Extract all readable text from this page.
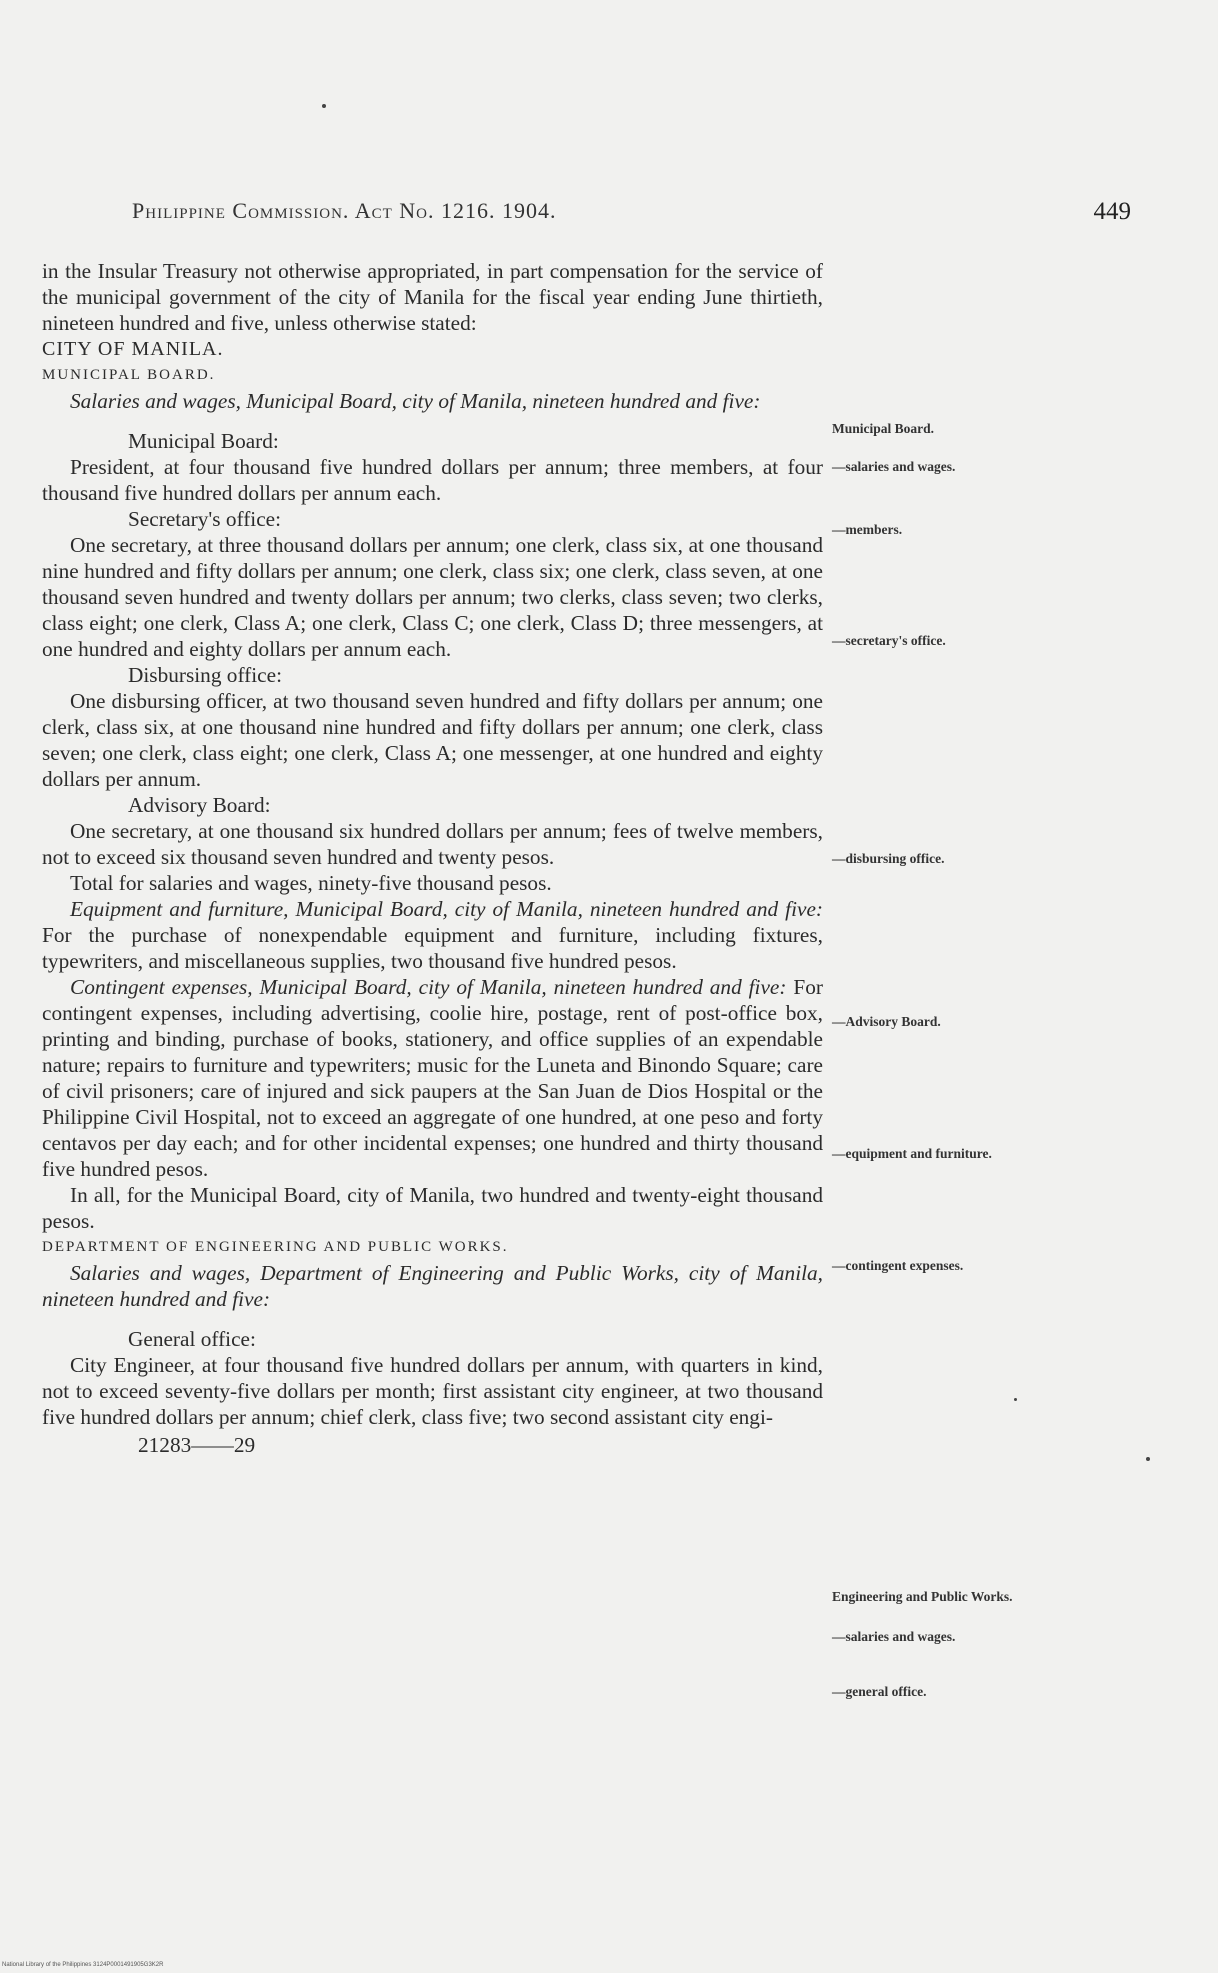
Philippine Commission. Act No. 1216. 1904.	449

in the Insular Treasury not otherwise appropriated, in part compensation for the service of the municipal government of the city of Manila for the fiscal year ending June thirtieth, nineteen hundred and five, unless otherwise stated:

CITY OF MANILA.

MUNICIPAL BOARD.

Salaries and wages, Municipal Board, city of Manila, nineteen hundred and five:

Municipal Board:

President, at four thousand five hundred dollars per annum; three members, at four thousand five hundred dollars per annum each.

Secretary's office:

One secretary, at three thousand dollars per annum; one clerk, class six, at one thousand nine hundred and fifty dollars per annum; one clerk, class six; one clerk, class seven, at one thousand seven hundred and twenty dollars per annum; two clerks, class seven; two clerks, class eight; one clerk, Class A; one clerk, Class C; one clerk, Class D; three messengers, at one hundred and eighty dollars per annum each.

Disbursing office:

One disbursing officer, at two thousand seven hundred and fifty dollars per annum; one clerk, class six, at one thousand nine hundred and fifty dollars per annum; one clerk, class seven; one clerk, class eight; one clerk, Class A; one messenger, at one hundred and eighty dollars per annum.

Advisory Board:

One secretary, at one thousand six hundred dollars per annum; fees of twelve members, not to exceed six thousand seven hundred and twenty pesos.

Total for salaries and wages, ninety-five thousand pesos.

Equipment and furniture, Municipal Board, city of Manila, nineteen hundred and five: For the purchase of nonexpendable equipment and furniture, including fixtures, typewriters, and miscellaneous supplies, two thousand five hundred pesos.

Contingent expenses, Municipal Board, city of Manila, nineteen hundred and five: For contingent expenses, including advertising, coolie hire, postage, rent of post-office box, printing and binding, purchase of books, stationery, and office supplies of an expendable nature; repairs to furniture and typewriters; music for the Luneta and Binondo Square; care of civil prisoners; care of injured and sick paupers at the San Juan de Dios Hospital or the Philippine Civil Hospital, not to exceed an aggregate of one hundred, at one peso and forty centavos per day each; and for other incidental expenses; one hundred and thirty thousand five hundred pesos.

In all, for the Municipal Board, city of Manila, two hundred and twenty-eight thousand pesos.

DEPARTMENT OF ENGINEERING AND PUBLIC WORKS.

Salaries and wages, Department of Engineering and Public Works, city of Manila, nineteen hundred and five:

General office:

City Engineer, at four thousand five hundred dollars per annum, with quarters in kind, not to exceed seventy-five dollars per month; first assistant city engineer, at two thousand five hundred dollars per annum; chief clerk, class five; two second assistant city engi-

21283——29

Municipal Board.
—salaries and wages.
—members.
—secretary's office.
—disbursing office.
—Advisory Board.
—equipment and furniture.
—contingent expenses.
Engineering and Public Works.
—salaries and wages.
—general office.
National Library of the Philippines 3124P0001491905G3K2R
